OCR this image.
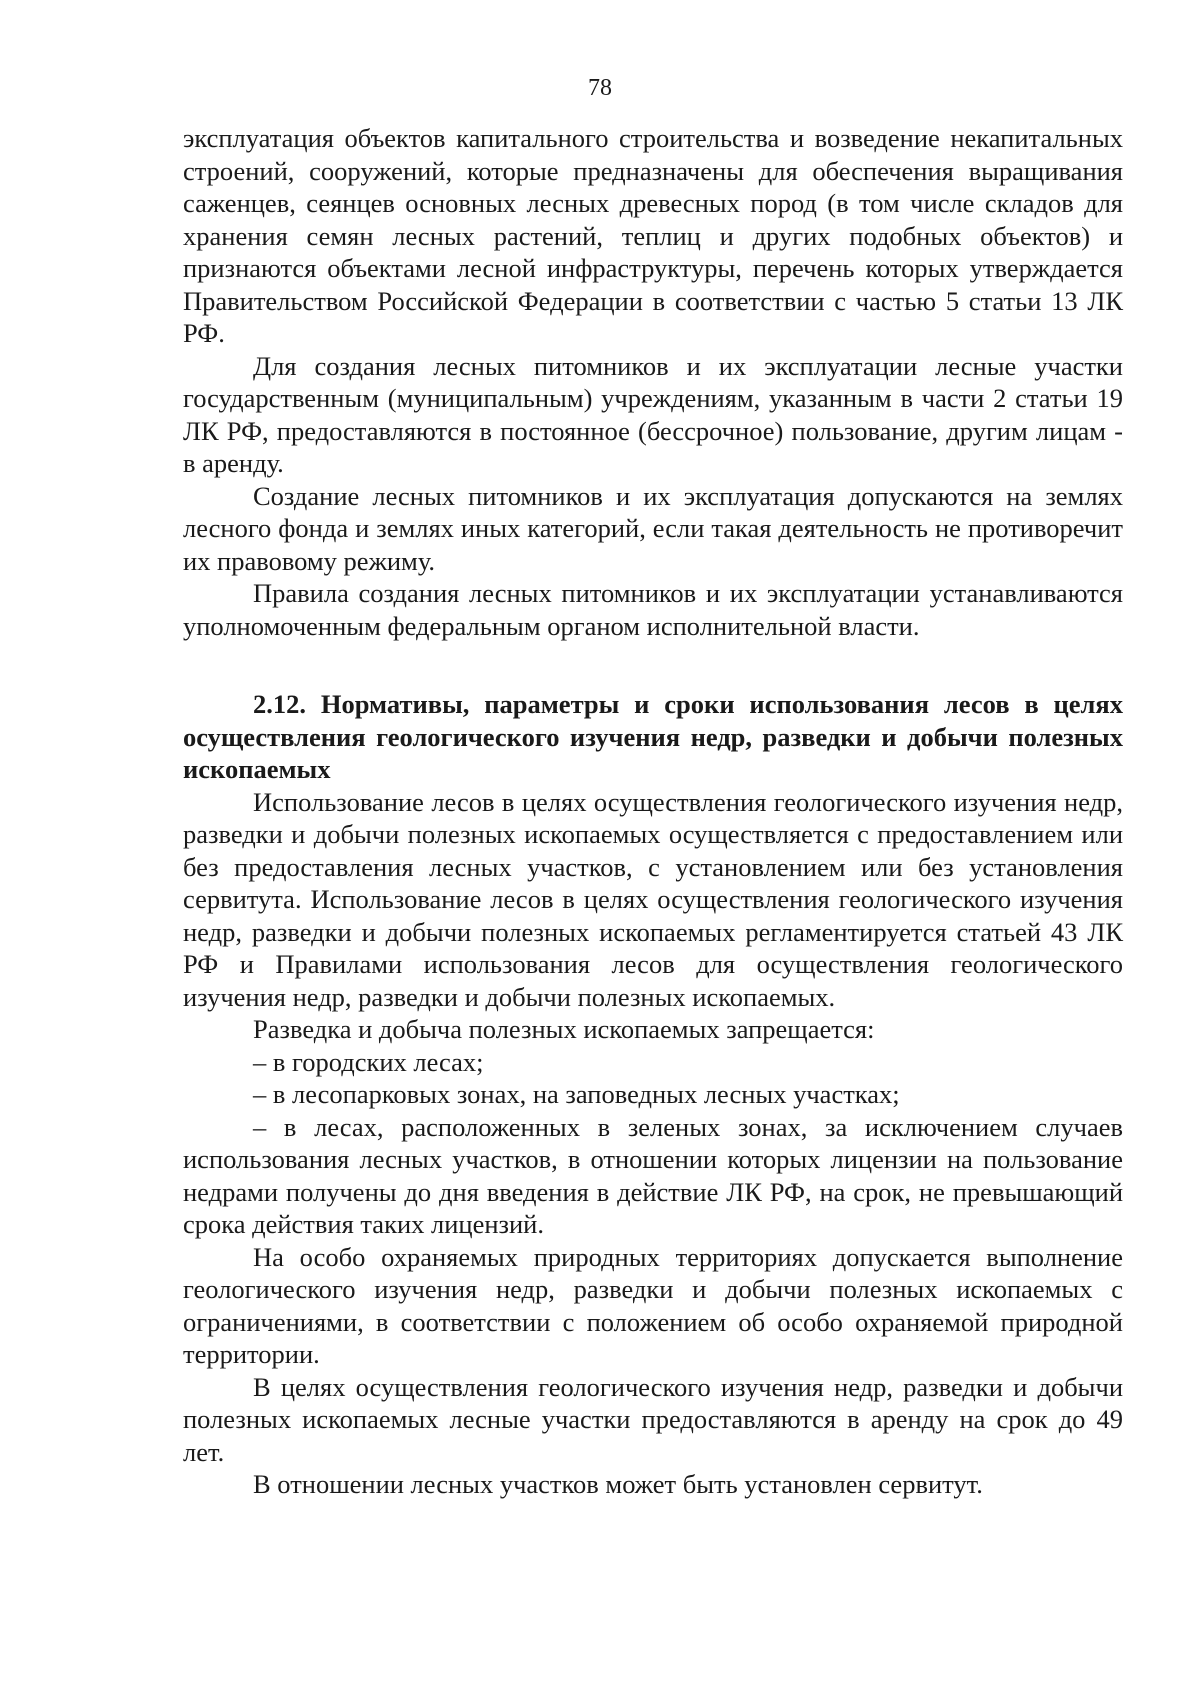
78

эксплуатация объектов капитального строительства и возведение некапитальных строений, сооружений, которые предназначены для обеспечения выращивания саженцев, сеянцев основных лесных древесных пород (в том числе складов для хранения семян лесных растений, теплиц и других подобных объектов) и признаются объектами лесной инфраструктуры, перечень которых утверждается Правительством Российской Федерации в соответствии с частью 5 статьи 13 ЛК РФ.

Для создания лесных питомников и их эксплуатации лесные участки государственным (муниципальным) учреждениям, указанным в части 2 статьи 19 ЛК РФ, предоставляются в постоянное (бессрочное) пользование, другим лицам - в аренду.

Создание лесных питомников и их эксплуатация допускаются на землях лесного фонда и землях иных категорий, если такая деятельность не противоречит их правовому режиму.

Правила создания лесных питомников и их эксплуатации устанавливаются уполномоченным федеральным органом исполнительной власти.

2.12. Нормативы, параметры и сроки использования лесов в целях осуществления геологического изучения недр, разведки и добычи полезных ископаемых

Использование лесов в целях осуществления геологического изучения недр, разведки и добычи полезных ископаемых осуществляется с предоставлением или без предоставления лесных участков, с установлением или без установления сервитута. Использование лесов в целях осуществления геологического изучения недр, разведки и добычи полезных ископаемых регламентируется статьей 43 ЛК РФ и Правилами использования лесов для осуществления геологического изучения недр, разведки и добычи полезных ископаемых.

Разведка и добыча полезных ископаемых запрещается:

– в городских лесах;

– в лесопарковых зонах, на заповедных лесных участках;

– в лесах, расположенных в зеленых зонах, за исключением случаев использования лесных участков, в отношении которых лицензии на пользование недрами получены до дня введения в действие ЛК РФ, на срок, не превышающий срока действия таких лицензий.

На особо охраняемых природных территориях допускается выполнение геологического изучения недр, разведки и добычи полезных ископаемых с ограничениями, в соответствии с положением об особо охраняемой природной территории.

В целях осуществления геологического изучения недр, разведки и добычи полезных ископаемых лесные участки предоставляются в аренду на срок до 49 лет.

В отношении лесных участков может быть установлен сервитут.
